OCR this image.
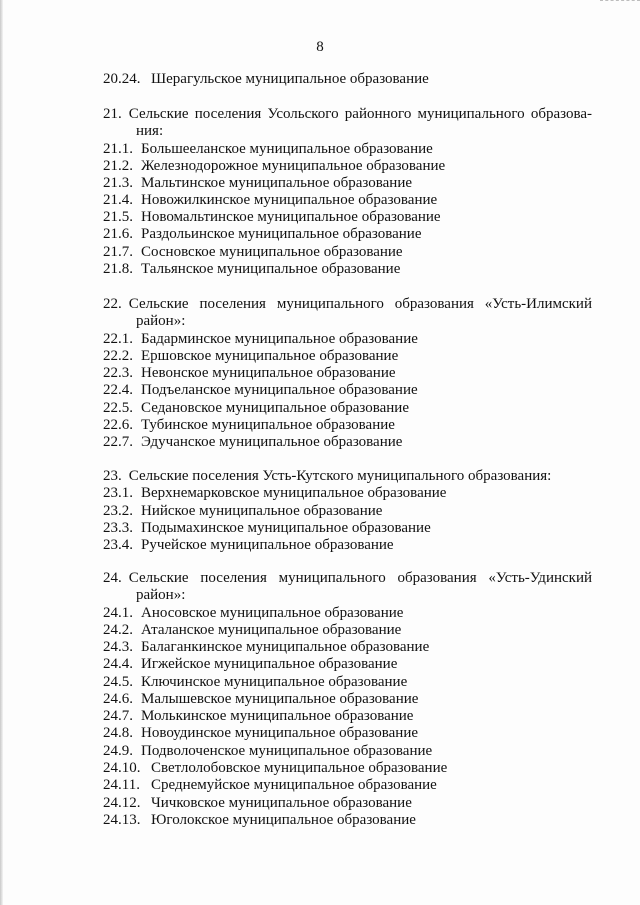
8
20.24. Шерагульское муниципальное образование
21. Сельские поселения Усольского районного муниципального образова-
ния:
21.1. Большееланское муниципальное образование
21.2. Железнодорожное муниципальное образование
21.3. Мальтинское муниципальное образование
21.4. Новожилкинское муниципальное образование
21.5. Новомальтинское муниципальное образование
21.6. Раздольинское муниципальное образование
21.7. Сосновское муниципальное образование
21.8. Тальянское муниципальное образование
22. Сельские поселения муниципального образования «Усть-Илимский
район»:
22.1. Бадарминское муниципальное образование
22.2. Ершовское муниципальное образование
22.3. Невонское муниципальное образование
22.4. Подъеланское муниципальное образование
22.5. Седановское муниципальное образование
22.6. Тубинское муниципальное образование
22.7. Эдучанское муниципальное образование
23. Сельские поселения Усть-Кутского муниципального образования:
23.1. Верхнемарковское муниципальное образование
23.2. Нийское муниципальное образование
23.3. Подымахинское муниципальное образование
23.4. Ручейское муниципальное образование
24. Сельские поселения муниципального образования «Усть-Удинский
район»:
24.1. Аносовское муниципальное образование
24.2. Аталанское муниципальное образование
24.3. Балаганкинское муниципальное образование
24.4. Игжейское муниципальное образование
24.5. Ключинское муниципальное образование
24.6. Малышевское муниципальное образование
24.7. Молькинское муниципальное образование
24.8. Новоудинское муниципальное образование
24.9. Подволоченское муниципальное образование
24.10. Светлолобовское муниципальное образование
24.11. Среднемуйское муниципальное образование
24.12. Чичковское муниципальное образование
24.13. Юголокское муниципальное образование
